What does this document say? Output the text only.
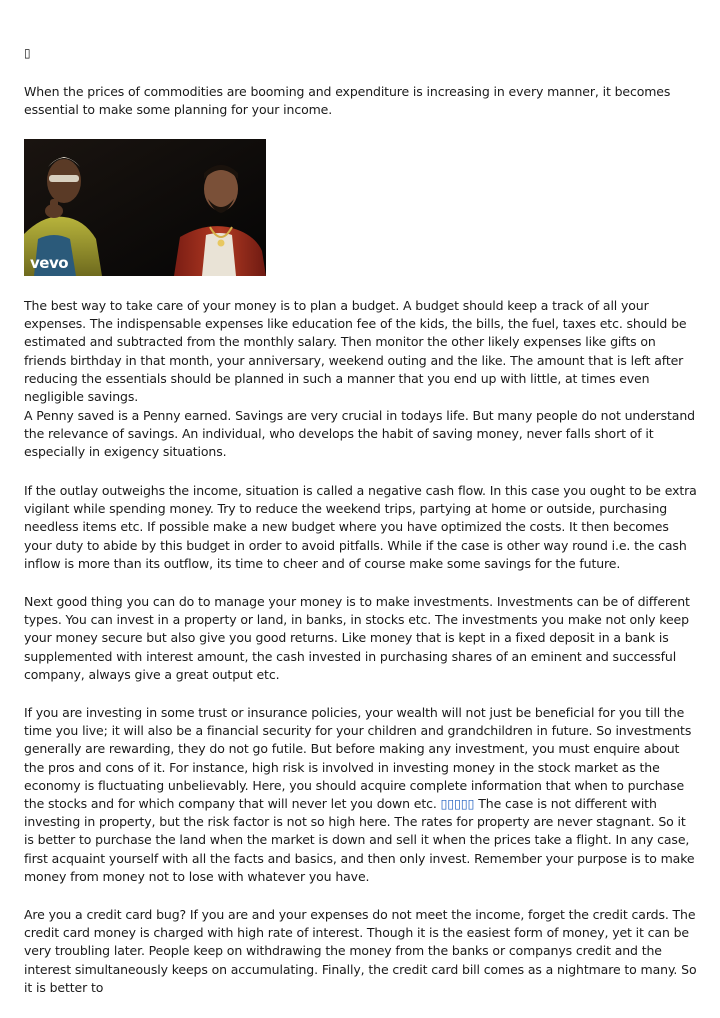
▯

When the prices of commodities are booming and expenditure is increasing in every manner, it becomes essential to make some planning for your income.

vevo

The best way to take care of your money is to plan a budget. A budget should keep a track of all your expenses. The indispensable expenses like education fee of the kids, the bills, the fuel, taxes etc. should be estimated and subtracted from the monthly salary. Then monitor the other likely expenses like gifts on friends birthday in that month, your anniversary, weekend outing and the like. The amount that is left after reducing the essentials should be planned in such a manner that you end up with little, at times even negligible savings.

A Penny saved is a Penny earned. Savings are very crucial in todays life. But many people do not understand the relevance of savings. An individual, who develops the habit of saving money, never falls short of it especially in exigency situations.

If the outlay outweighs the income, situation is called a negative cash flow. In this case you ought to be extra vigilant while spending money. Try to reduce the weekend trips, partying at home or outside, purchasing needless items etc. If possible make a new budget where you have optimized the costs. It then becomes your duty to abide by this budget in order to avoid pitfalls. While if the case is other way round i.e. the cash inflow is more than its outflow, its time to cheer and of course make some savings for the future.

Next good thing you can do to manage your money is to make investments. Investments can be of different types. You can invest in a property or land, in banks, in stocks etc. The investments you make not only keep your money secure but also give you good returns. Like money that is kept in a fixed deposit in a bank is supplemented with interest amount, the cash invested in purchasing shares of an eminent and successful company, always give a great output etc.

If you are investing in some trust or insurance policies, your wealth will not just be beneficial for you till the time you live; it will also be a financial security for your children and grandchildren in future. So investments generally are rewarding, they do not go futile. But before making any investment, you must enquire about the pros and cons of it. For instance, high risk is involved in investing money in the stock market as the economy is fluctuating unbelievably. Here, you should acquire complete information that when to purchase the stocks and for which company that will never let you down etc. ▯▯▯▯▯ The case is not different with investing in property, but the risk factor is not so high here. The rates for property are never stagnant. So it is better to purchase the land when the market is down and sell it when the prices take a flight. In any case, first acquaint yourself with all the facts and basics, and then only invest. Remember your purpose is to make money from money not to lose with whatever you have.

Are you a credit card bug? If you are and your expenses do not meet the income, forget the credit cards. The credit card money is charged with high rate of interest. Though it is the easiest form of money, yet it can be very troubling later. People keep on withdrawing the money from the banks or companys credit and the interest simultaneously keeps on accumulating. Finally, the credit card bill comes as a nightmare to many. So it is better to
